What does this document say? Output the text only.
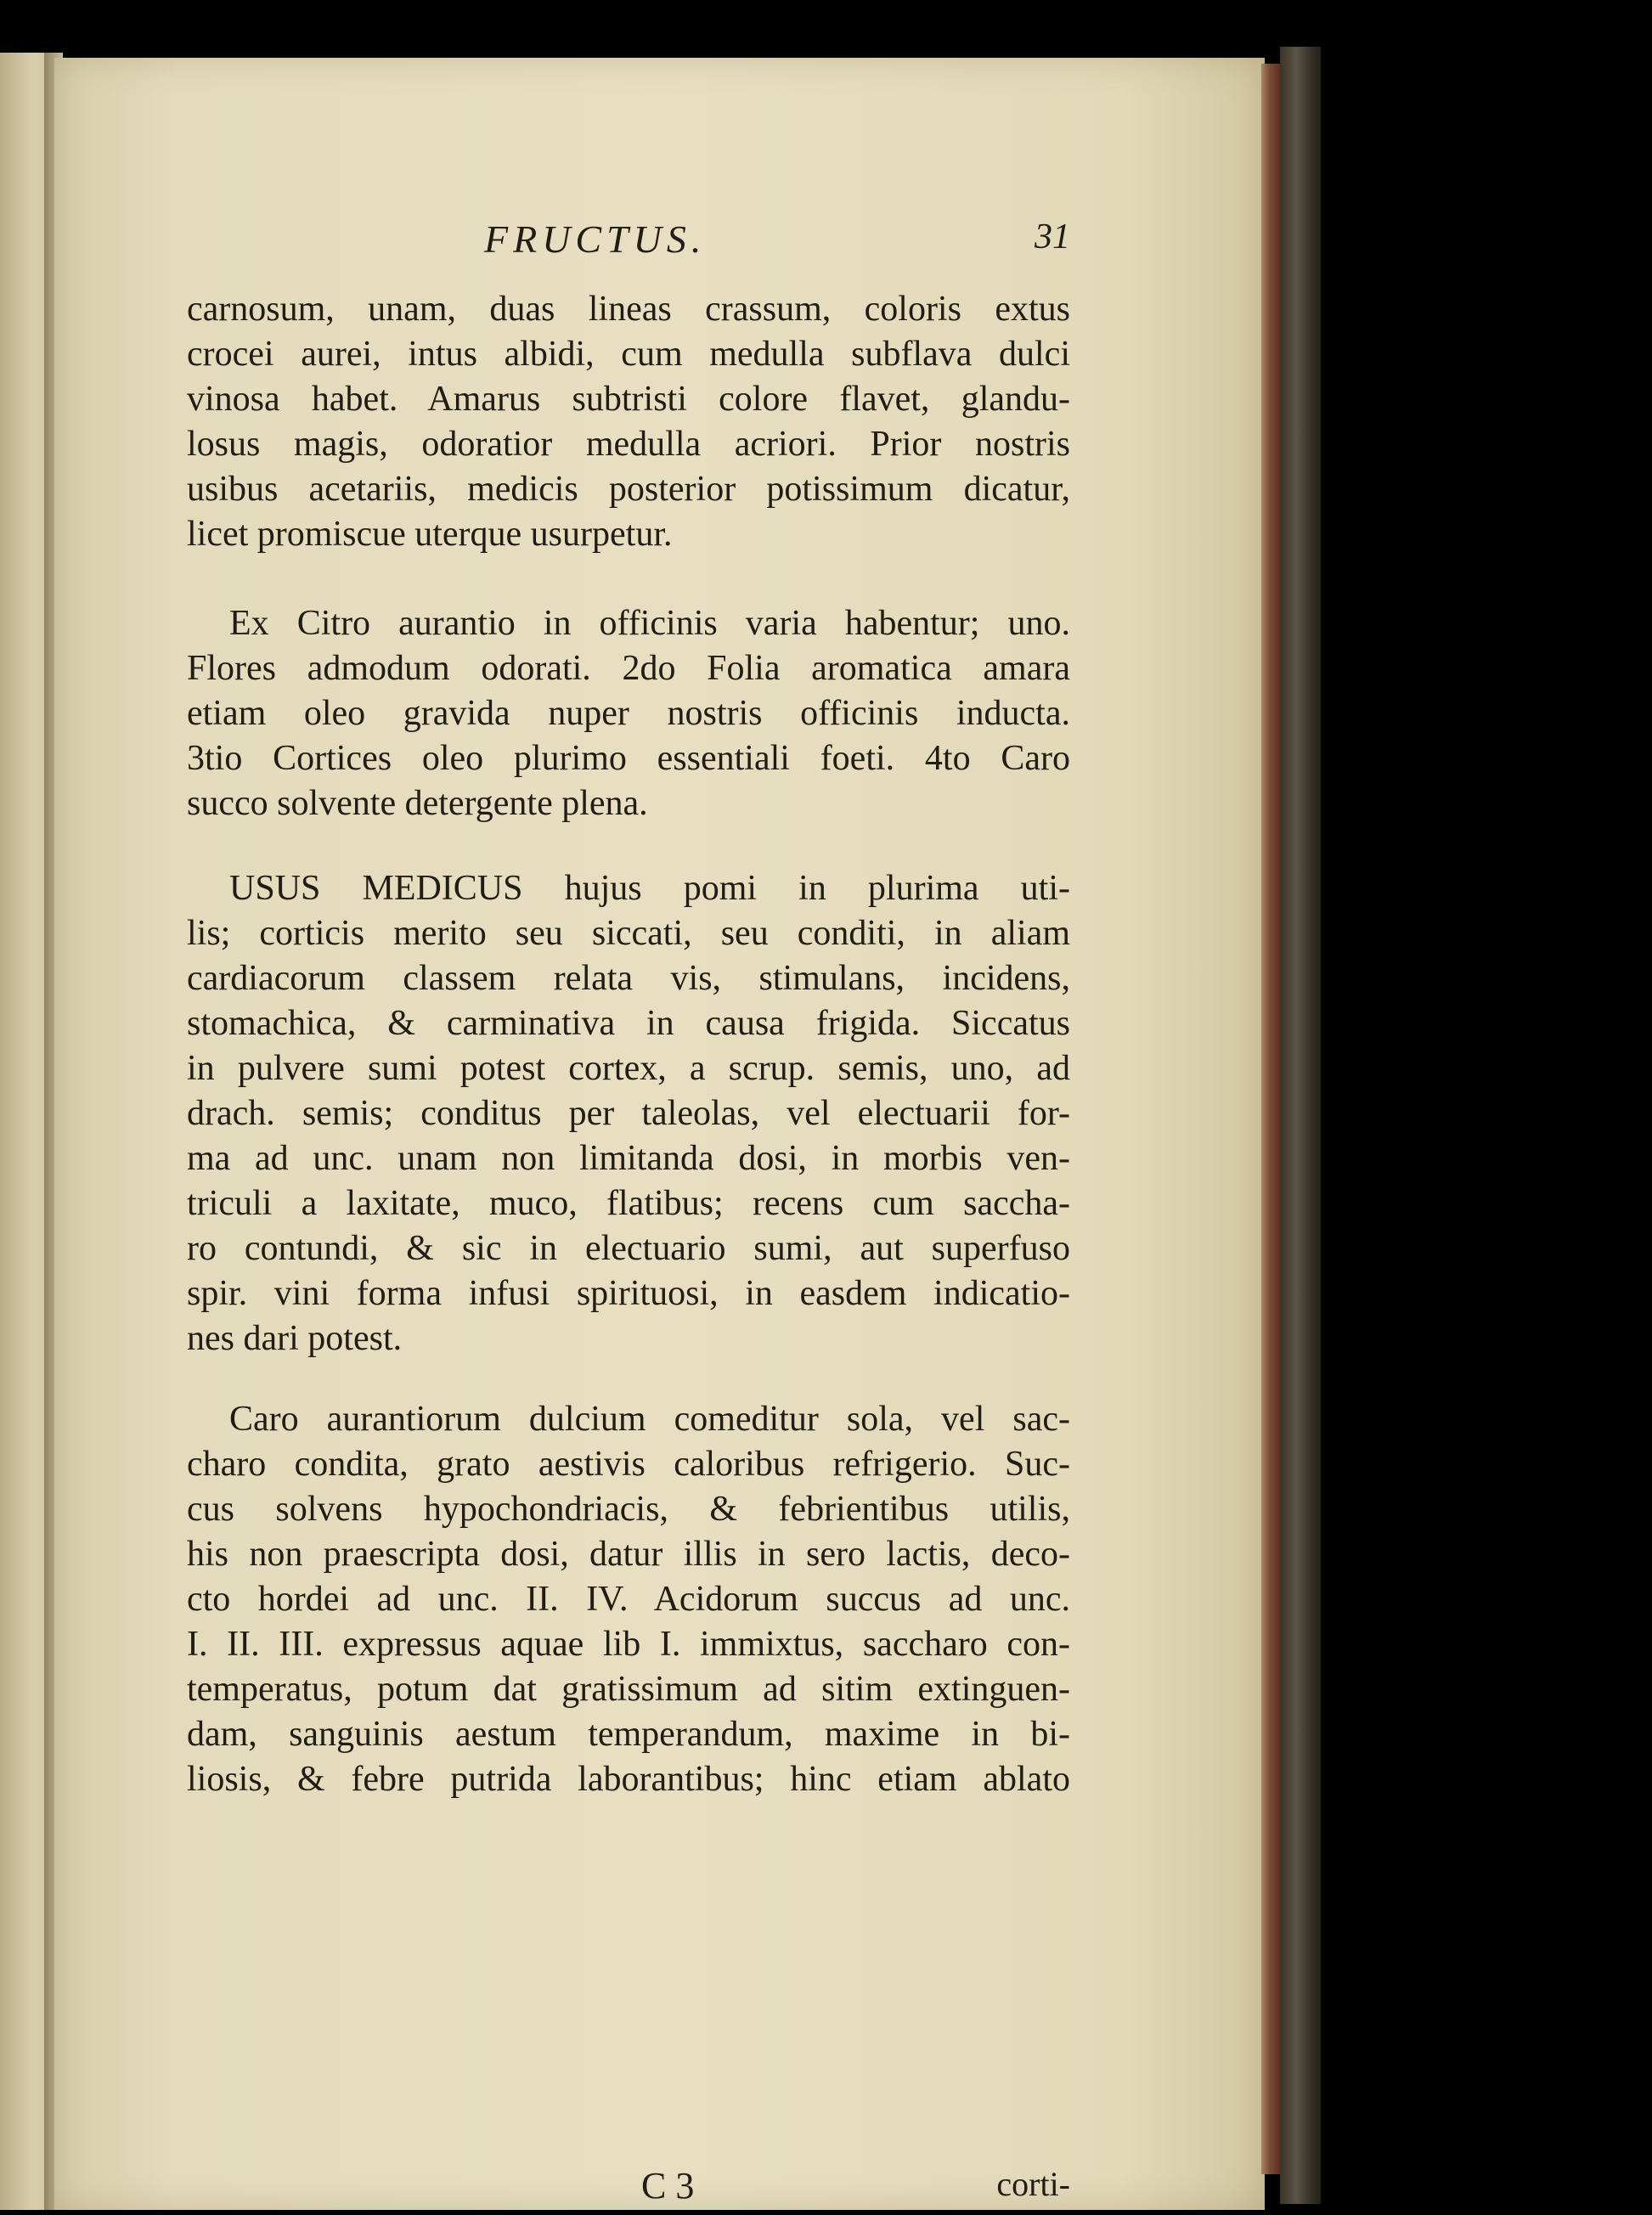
FRUCTUS.	31
carnosum, unam, duas lineas crassum, coloris extus
crocei aurei, intus albidi, cum medulla subflava dulci
vinosa habet. Amarus subtristi colore flavet, glandu-
losus magis, odoratior medulla acriori. Prior nostris
usibus acetariis, medicis posterior potissimum dicatur,
licet promiscue uterque usurpetur.
Ex Citro aurantio in officinis varia habentur; uno.
Flores admodum odorati. 2do Folia aromatica amara
etiam oleo gravida nuper nostris officinis inducta.
3tio Cortices oleo plurimo essentiali foeti. 4to Caro
succo solvente detergente plena.
USUS MEDICUS hujus pomi in plurima uti-
lis; corticis merito seu siccati, seu conditi, in aliam
cardiacorum classem relata vis, stimulans, incidens,
stomachica, & carminativa in causa frigida. Siccatus
in pulvere sumi potest cortex, a scrup. semis, uno, ad
drach. semis; conditus per taleolas, vel electuarii for-
ma ad unc. unam non limitanda dosi, in morbis ven-
triculi a laxitate, muco, flatibus; recens cum saccha-
ro contundi, & sic in electuario sumi, aut superfuso
spir. vini forma infusi spirituosi, in easdem indicatio-
nes dari potest.
Caro aurantiorum dulcium comeditur sola, vel sac-
charo condita, grato aestivis caloribus refrigerio. Suc-
cus solvens hypochondriacis, & febrientibus utilis,
his non praescripta dosi, datur illis in sero lactis, deco-
cto hordei ad unc. II. IV. Acidorum succus ad unc.
I. II. III. expressus aquae lib I. immixtus, saccharo con-
temperatus, potum dat gratissimum ad sitim extinguen-
dam, sanguinis aestum temperandum, maxime in bi-
liosis, & febre putrida laborantibus; hinc etiam ablato
C 3	corti-
